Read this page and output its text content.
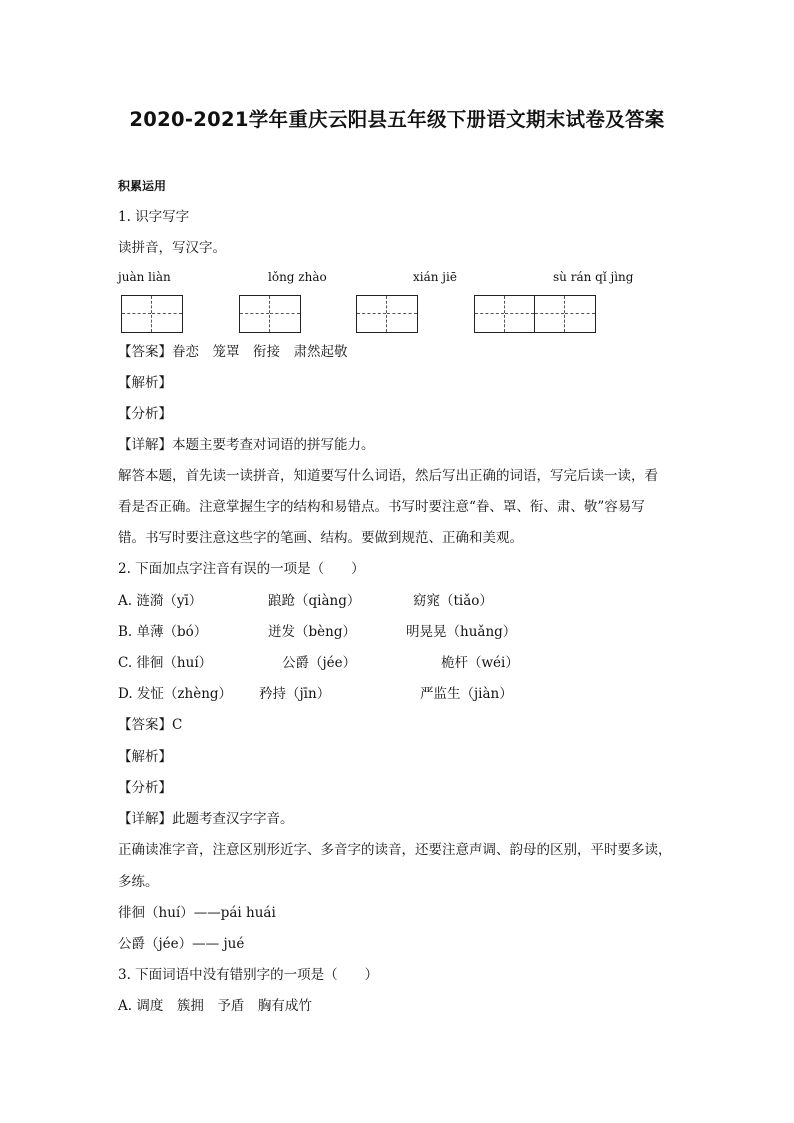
2020-2021学年重庆云阳县五年级下册语文期末试卷及答案
积累运用
1. 识字写字
读拼音，写汉字。
juàn liàn	lǒng zhào	xián jiē	sù rán qǐ jìng
【答案】眷恋　笼罩　衔接　肃然起敬
【解析】
【分析】
【详解】本题主要考查对词语的拼写能力。
解答本题，首先读一读拼音，知道要写什么词语，然后写出正确的词语，写完后读一读，看
看是否正确。注意掌握生字的结构和易错点。书写时要注意“眷、罩、衔、肃、敬”容易写
错。书写时要注意这些字的笔画、结构。要做到规范、正确和美观。
2. 下面加点字注音有误的一项是（　　）
A. 涟漪（yī）	踉跄（qiàng）	窈窕（tiǎo）
B. 单薄（bó）	迸发（bèng）	明晃晃（huǎng）
C. 徘徊（huí）	公爵（jée）	桅杆（wéi）
D. 发怔（zhèng） 矜持（jīn）	严监生（jiàn）
【答案】C
【解析】
【分析】
【详解】此题考查汉字字音。
正确读准字音，注意区别形近字、多音字的读音，还要注意声调、韵母的区别，平时要多读，
多练。
徘徊（huí）——pái huái
公爵（jée）—— jué
3. 下面词语中没有错别字的一项是（　　）
A. 调度　簇拥　予盾　胸有成竹
